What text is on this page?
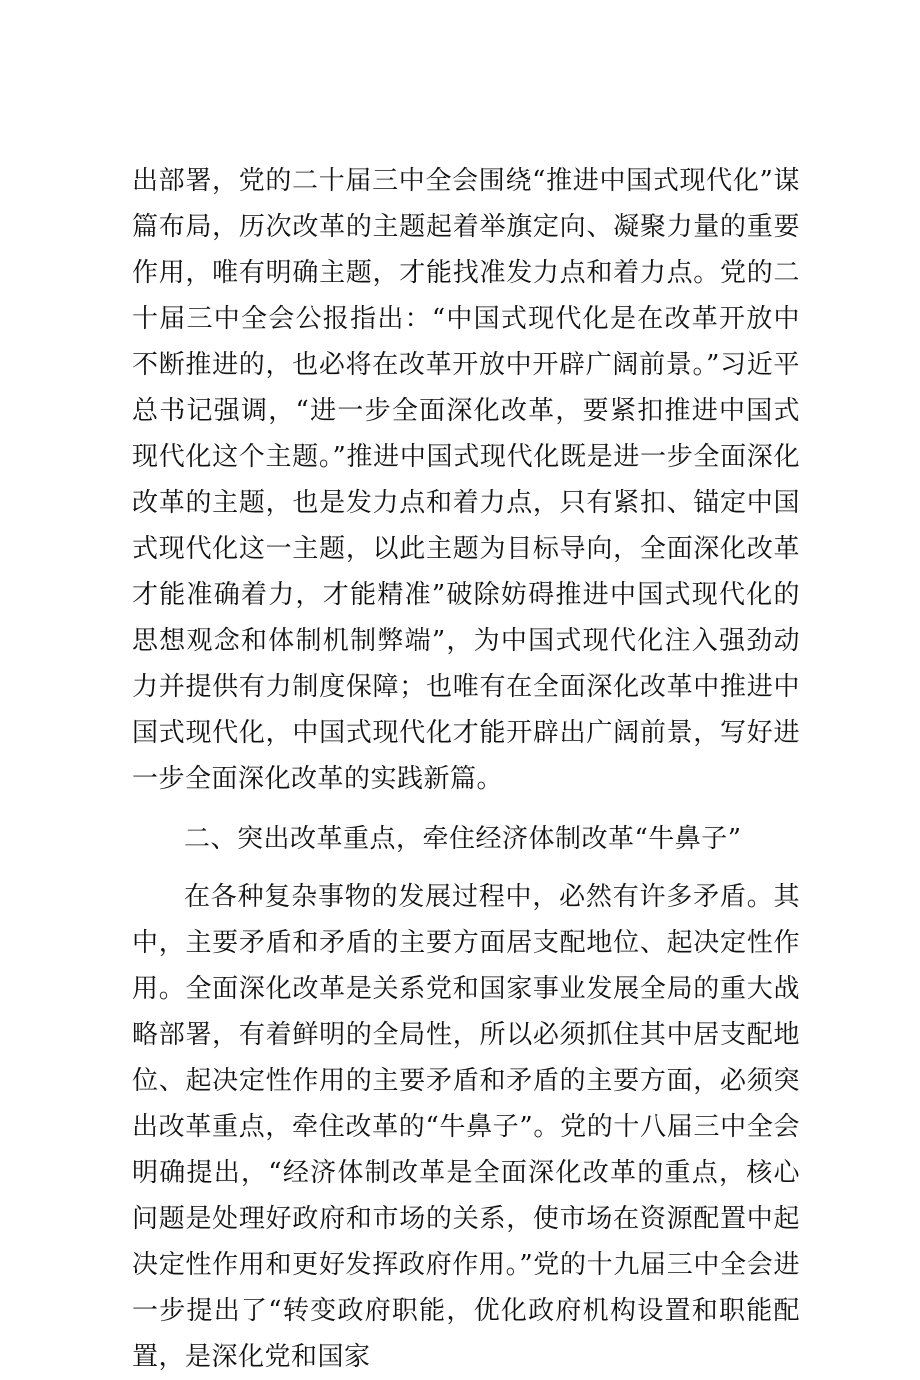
出部署，党的二十届三中全会围绕“推进中国式现代化”谋篇布局，历次改革的主题起着举旗定向、凝聚力量的重要作用，唯有明确主题，才能找准发力点和着力点。党的二十届三中全会公报指出：“中国式现代化是在改革开放中不断推进的，也必将在改革开放中开辟广阔前景。”习近平总书记强调，“进一步全面深化改革，要紧扣推进中国式现代化这个主题。”推进中国式现代化既是进一步全面深化改革的主题，也是发力点和着力点，只有紧扣、锚定中国式现代化这一主题，以此主题为目标导向，全面深化改革才能准确着力，才能精准”破除妨碍推进中国式现代化的思想观念和体制机制弊端”，为中国式现代化注入强劲动力并提供有力制度保障；也唯有在全面深化改革中推进中国式现代化，中国式现代化才能开辟出广阔前景，写好进一步全面深化改革的实践新篇。

二、突出改革重点，牵住经济体制改革“牛鼻子”

在各种复杂事物的发展过程中，必然有许多矛盾。其中，主要矛盾和矛盾的主要方面居支配地位、起决定性作用。全面深化改革是关系党和国家事业发展全局的重大战略部署，有着鲜明的全局性，所以必须抓住其中居支配地位、起决定性作用的主要矛盾和矛盾的主要方面，必须突出改革重点，牵住改革的“牛鼻子”。党的十八届三中全会明确提出，“经济体制改革是全面深化改革的重点，核心问题是处理好政府和市场的关系，使市场在资源配置中起决定性作用和更好发挥政府作用。”党的十九届三中全会进一步提出了“转变政府职能，优化政府机构设置和职能配置，是深化党和国家
